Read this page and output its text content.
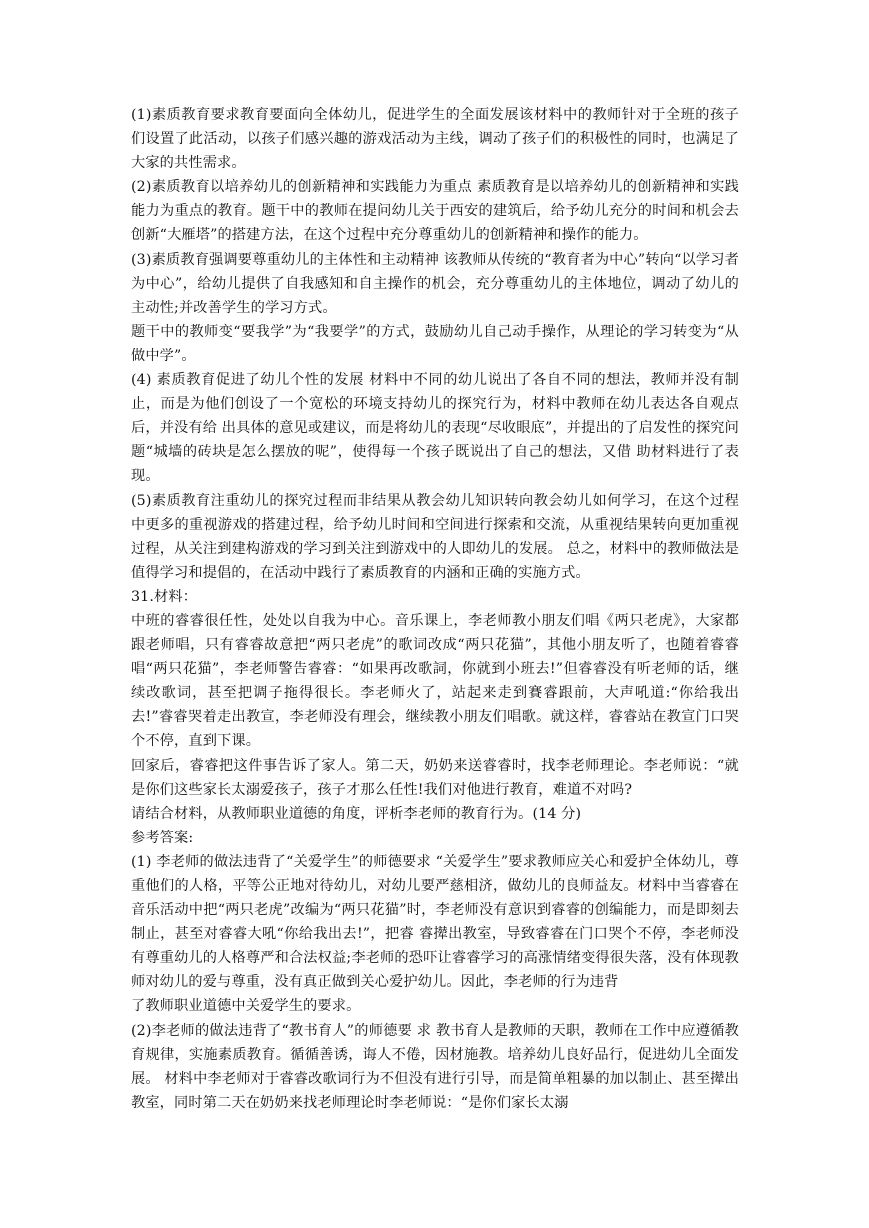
(1)素质教育要求教育要面向全体幼儿，促进学生的全面发展该材料中的教师针对于全班的孩子们设置了此活动，以孩子们感兴趣的游戏活动为主线，调动了孩子们的积极性的同时，也满足了大家的共性需求。

(2)素质教育以培养幼儿的创新精神和实践能力为重点 素质教育是以培养幼儿的创新精神和实践能力为重点的教育。题干中的教师在提问幼儿关于西安的建筑后，给予幼儿充分的时间和机会去创新“大雁塔”的搭建方法，在这个过程中充分尊重幼儿的创新精神和操作的能力。

(3)素质教育强调要尊重幼儿的主体性和主动精神 该教师从传统的“教育者为中心”转向“以学习者为中心”，给幼儿提供了自我感知和自主操作的机会，充分尊重幼儿的主体地位，调动了幼儿的主动性;并改善学生的学习方式。

题干中的教师变“要我学”为“我要学”的方式，鼓励幼儿自己动手操作，从理论的学习转变为“从做中学”。

(4) 素质教育促进了幼儿个性的发展 材料中不同的幼儿说出了各自不同的想法，教师并没有制止，而是为他们创设了一个宽松的环境支持幼儿的探究行为，材料中教师在幼儿表达各自观点后，并没有给 出具体的意见或建议，而是将幼儿的表现“尽收眼底”，并提出的了启发性的探究问题“城墙的砖块是怎么摆放的呢”，使得每一个孩子既说出了自己的想法，又借 助材料进行了表现。

(5)素质教育注重幼儿的探究过程而非结果从教会幼儿知识转向教会幼儿如何学习，在这个过程中更多的重视游戏的搭建过程，给予幼儿时间和空间进行探索和交流，从重视结果转向更加重视过程，从关注到建构游戏的学习到关注到游戏中的人即幼儿的发展。 总之，材料中的教师做法是值得学习和提倡的，在活动中践行了素质教育的内涵和正确的实施方式。

31.材料：

中班的睿睿很任性，处处以自我为中心。音乐课上，李老师教小朋友们唱《两只老虎》，大家都跟老师唱，只有睿睿故意把“两只老虎”的歌词改成“两只花猫”，其他小朋友听了，也随着睿睿唱“两只花猫”，李老师警告睿睿：“如果再改歌詞，你就到小班去!”但睿睿没有听老师的话，继续改歌词，甚至把调子拖得很长。李老师火了，站起来走到賽睿跟前，大声吼道:“你给我出去!”睿睿哭着走出教宣，李老师没有理会，继续教小朋友们唱歌。就这样，睿睿站在教宣门口哭个不停，直到下课。

回家后，睿睿把这件事告诉了家人。第二天，奶奶来送睿睿时，找李老师理论。李老师说：“就是你们这些家长太溺爱孩子，孩子才那么任性!我们对他进行教育，难道不对吗?

请结合材料，从教师职业道德的角度，评析李老师的教育行为。(14 分)

参考答案:

(1) 李老师的做法违背了“关爱学生”的师德要求 “关爱学生”要求教师应关心和爱护全体幼儿，尊重他们的人格，平等公正地对待幼儿，对幼儿要严慈相济，做幼儿的良师益友。材料中当睿睿在音乐活动中把“两只老虎”改编为“两只花猫”时，李老师没有意识到睿睿的创编能力，而是即刻去制止，甚至对睿睿大吼“你给我出去!”，把睿 睿撵出教室，导致睿睿在门口哭个不停，李老师没有尊重幼儿的人格尊严和合法权益;李老师的恐吓让睿睿学习的高涨情绪变得很失落，没有体现教师对幼儿的爱与尊重，没有真正做到关心爱护幼儿。因此，李老师的行为违背

了教师职业道德中关爱学生的要求。

(2)李老师的做法违背了“教书育人”的师德要 求 教书育人是教师的天职，教师在工作中应遵循教育规律，实施素质教育。循循善诱，诲人不倦，因材施教。培养幼儿良好品行，促进幼儿全面发展。 材料中李老师对于睿睿改歌词行为不但没有进行引导，而是简单粗暴的加以制止、甚至撵出教室，同时第二天在奶奶来找老师理论时李老师说：“是你们家长太溺
